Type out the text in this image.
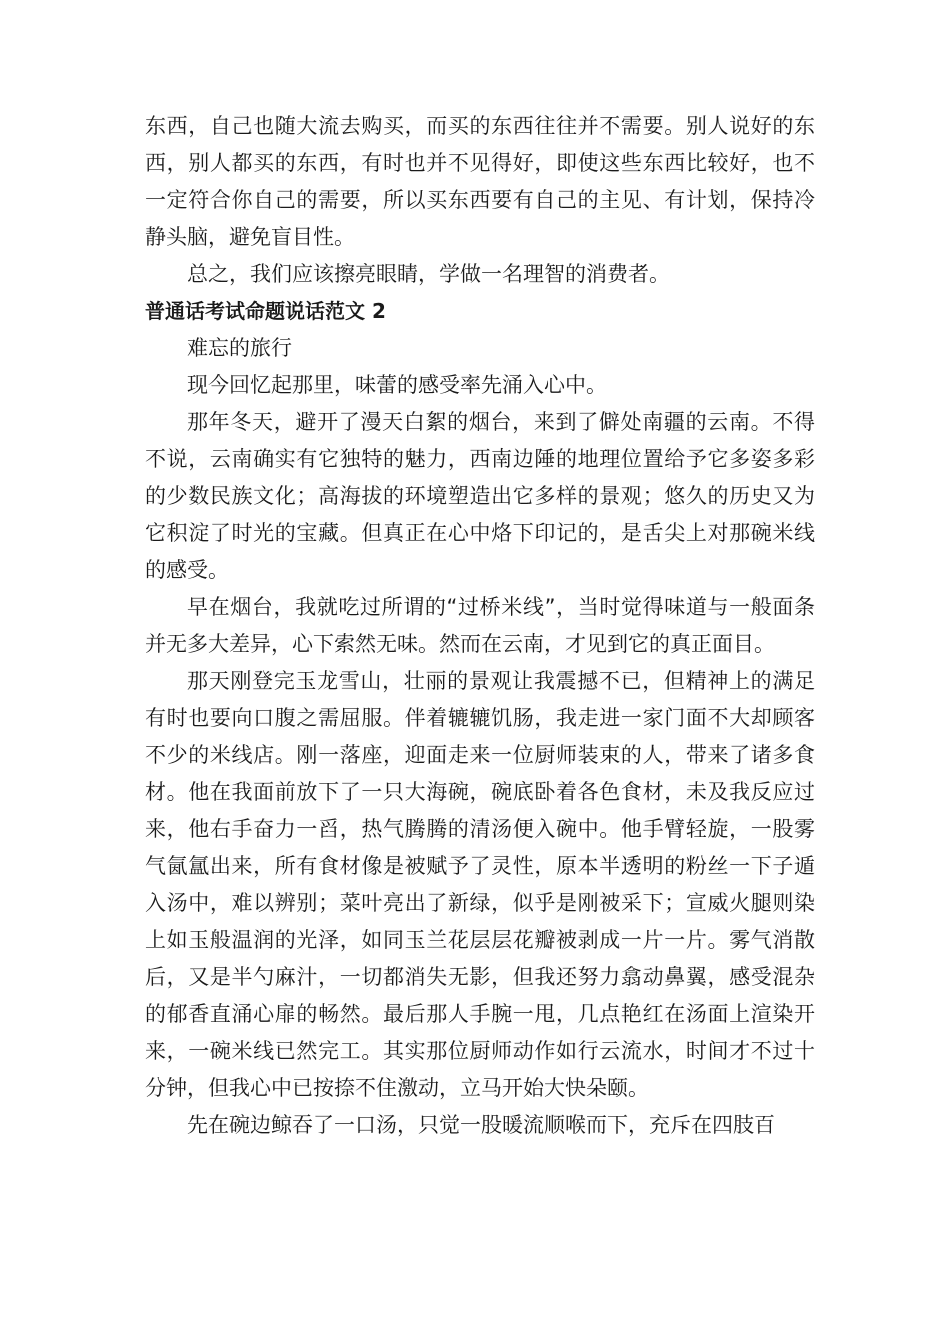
东西，自己也随大流去购买，而买的东西往往并不需要。别人说好的东西，别人都买的东西，有时也并不见得好，即使这些东西比较好，也不一定符合你自己的需要，所以买东西要有自己的主见、有计划，保持冷静头脑，避免盲目性。

总之，我们应该擦亮眼睛，学做一名理智的消费者。

普通话考试命题说话范文 2

难忘的旅行

现今回忆起那里，味蕾的感受率先涌入心中。

那年冬天，避开了漫天白絮的烟台，来到了僻处南疆的云南。不得不说，云南确实有它独特的魅力，西南边陲的地理位置给予它多姿多彩的少数民族文化；高海拔的环境塑造出它多样的景观；悠久的历史又为它积淀了时光的宝藏。但真正在心中烙下印记的，是舌尖上对那碗米线的感受。

早在烟台，我就吃过所谓的“过桥米线”，当时觉得味道与一般面条并无多大差异，心下索然无味。然而在云南，才见到它的真正面目。

那天刚登完玉龙雪山，壮丽的景观让我震撼不已，但精神上的满足有时也要向口腹之需屈服。伴着辘辘饥肠，我走进一家门面不大却顾客不少的米线店。刚一落座，迎面走来一位厨师装束的人，带来了诸多食材。他在我面前放下了一只大海碗，碗底卧着各色食材，未及我反应过来，他右手奋力一舀，热气腾腾的清汤便入碗中。他手臂轻旋，一股雾气氤氲出来，所有食材像是被赋予了灵性，原本半透明的粉丝一下子遁入汤中，难以辨别；菜叶亮出了新绿，似乎是刚被采下；宣威火腿则染上如玉般温润的光泽，如同玉兰花层层花瓣被剥成一片一片。雾气消散后，又是半勺麻汁，一切都消失无影，但我还努力翕动鼻翼，感受混杂的郁香直涌心扉的畅然。最后那人手腕一甩，几点艳红在汤面上渲染开来，一碗米线已然完工。其实那位厨师动作如行云流水，时间才不过十分钟，但我心中已按捺不住激动，立马开始大快朵颐。

先在碗边鲸吞了一口汤，只觉一股暖流顺喉而下，充斥在四肢百
